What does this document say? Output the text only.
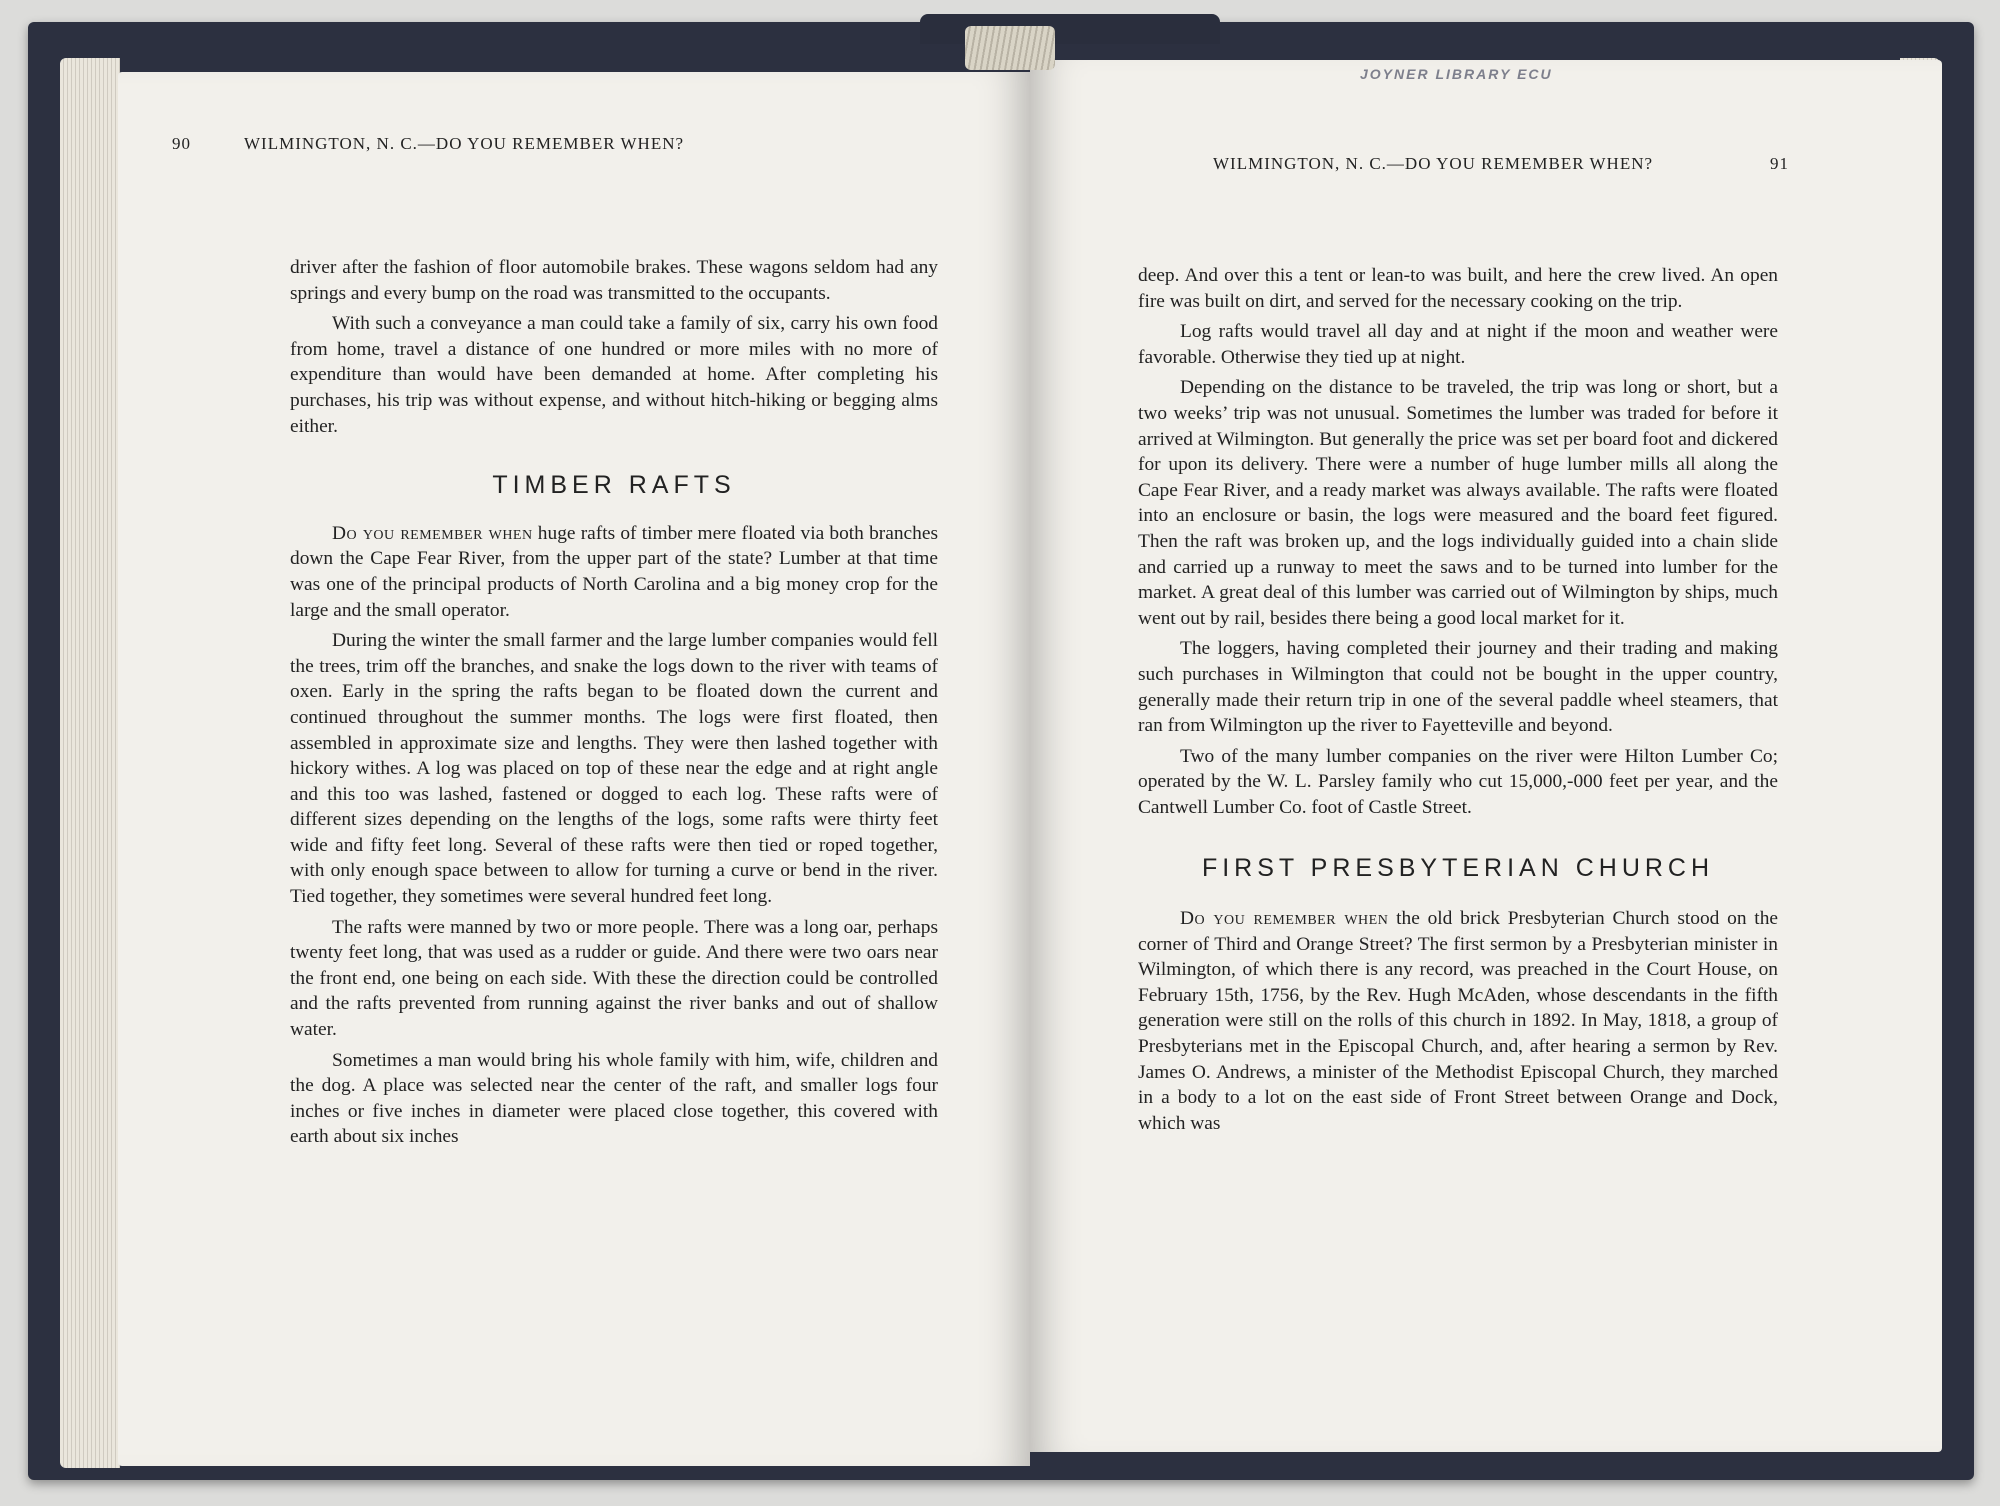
JOYNER LIBRARY ECU
90	WILMINGTON, N. C.—DO YOU REMEMBER WHEN?
WILMINGTON, N. C.—DO YOU REMEMBER WHEN?	91

driver after the fashion of floor automobile brakes. These wagons seldom had any springs and every bump on the road was transmitted to the occupants.

With such a conveyance a man could take a family of six, carry his own food from home, travel a distance of one hundred or more miles with no more of expenditure than would have been demanded at home. After completing his purchases, his trip was without expense, and without hitch-hiking or begging alms either.

TIMBER RAFTS

Do you remember when huge rafts of timber mere floated via both branches down the Cape Fear River, from the upper part of the state? Lumber at that time was one of the principal products of North Carolina and a big money crop for the large and the small operator.

During the winter the small farmer and the large lumber companies would fell the trees, trim off the branches, and snake the logs down to the river with teams of oxen. Early in the spring the rafts began to be floated down the current and continued throughout the summer months. The logs were first floated, then assembled in approximate size and lengths. They were then lashed together with hickory withes. A log was placed on top of these near the edge and at right angle and this too was lashed, fastened or dogged to each log. These rafts were of different sizes depending on the lengths of the logs, some rafts were thirty feet wide and fifty feet long. Several of these rafts were then tied or roped together, with only enough space between to allow for turning a curve or bend in the river. Tied together, they sometimes were several hundred feet long.

The rafts were manned by two or more people. There was a long oar, perhaps twenty feet long, that was used as a rudder or guide. And there were two oars near the front end, one being on each side. With these the direction could be controlled and the rafts prevented from running against the river banks and out of shallow water.

Sometimes a man would bring his whole family with him, wife, children and the dog. A place was selected near the center of the raft, and smaller logs four inches or five inches in diameter were placed close together, this covered with earth about six inches

deep. And over this a tent or lean-to was built, and here the crew lived. An open fire was built on dirt, and served for the necessary cooking on the trip.

Log rafts would travel all day and at night if the moon and weather were favorable. Otherwise they tied up at night.

Depending on the distance to be traveled, the trip was long or short, but a two weeks’ trip was not unusual. Sometimes the lumber was traded for before it arrived at Wilmington. But generally the price was set per board foot and dickered for upon its delivery. There were a number of huge lumber mills all along the Cape Fear River, and a ready market was always available. The rafts were floated into an enclosure or basin, the logs were measured and the board feet figured. Then the raft was broken up, and the logs individually guided into a chain slide and carried up a runway to meet the saws and to be turned into lumber for the market. A great deal of this lumber was carried out of Wilmington by ships, much went out by rail, besides there being a good local market for it.

The loggers, having completed their journey and their trading and making such purchases in Wilmington that could not be bought in the upper country, generally made their return trip in one of the several paddle wheel steamers, that ran from Wilmington up the river to Fayetteville and beyond.

Two of the many lumber companies on the river were Hilton Lumber Co; operated by the W. L. Parsley family who cut 15,000,-000 feet per year, and the Cantwell Lumber Co. foot of Castle Street.

FIRST PRESBYTERIAN CHURCH

Do you remember when the old brick Presbyterian Church stood on the corner of Third and Orange Street? The first sermon by a Presbyterian minister in Wilmington, of which there is any record, was preached in the Court House, on February 15th, 1756, by the Rev. Hugh McAden, whose descendants in the fifth generation were still on the rolls of this church in 1892. In May, 1818, a group of Presbyterians met in the Episcopal Church, and, after hearing a sermon by Rev. James O. Andrews, a minister of the Methodist Episcopal Church, they marched in a body to a lot on the east side of Front Street between Orange and Dock, which was
